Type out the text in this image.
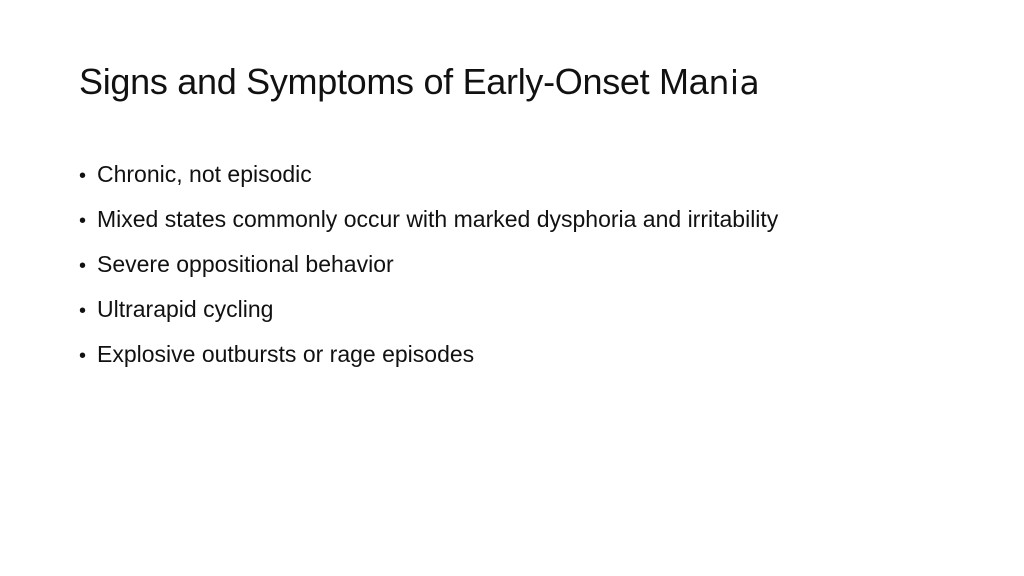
Signs and Symptoms of Early-Onset Mania
• Chronic, not episodic
• Mixed states commonly occur with marked dysphoria and irritability
• Severe oppositional behavior
• Ultrarapid cycling
• Explosive outbursts or rage episodes
